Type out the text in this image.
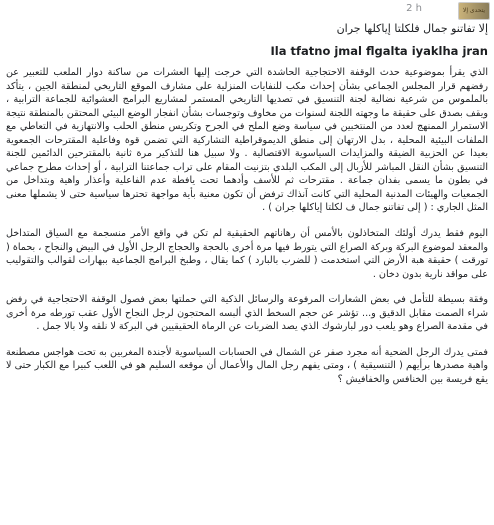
يتحدى إلا
2 h
إلا تفاتنو جمال فلكلتا إياكلها جران
Ila tfatno jmal flgalta iyaklha jran

الذي يقرأ بموضوعية حدث الوقفة الاحتجاجية الحاشدة التي خرجت إليها العشرات من ساكنة دوار الملعب للتعبير عن رفضهم قرار المجلس الجماعي بشأن إحداث مكب للنفايات المنزلية على مشارف الموقع التاريخي لمنطقة الجين ، يتأكد بالملموس من شرعية نضالية لجنة التنسيق في تصديها التاريخي المستمر لمشاريع البرامج العشوائية للجماعة الترابية ، ويقف بصدق على حقيقة ما وجهته اللجنة لسنوات من مخاوف وتوجسات بشأن انفجار الوضع البيئي المحتقن بالمنطقة نتيجة الاستمرار الممنهج لعدد من المنتخبين في سياسة وضع الملح في الجرح وتكريس منطق الحلب والانتهازية في التعاطي مع الملفات البيئية المحلية ، بدل الارتهان إلى منطق الديموقراطية التشاركية التي تضمن قوة وفاعلية المقترحات الجمعوية بعيدا عن الحزبية الضيقة والمزايدات السياسوية الاقتصالية . ولا سبيل هنا للتذكير مرة ثانية بالمقترحين الدائمين للجنة التنسيق بشأن النقل المباشر للأزبال إلى المكب البلدي بتزنيت المقام على تراب جماعتنا الترابية ، أو إحداث مطرح جماعي في بطون ما يسمى بفدان جماعة . مقترحات ثم للأسف وأدهما تحت يافطة عدم الفاعلية وأعذار واهية وبتداخل من الجمعيات والهيئات المدنية المحلية التي كانت آنذاك ترفض أن تكون معنية بأية مواجهة تحترها سياسية حتى لا يشملها معنى المثل الجاري : ( إلى تفاتنو جمال ف لكلتا إياكلها جران ) .

اليوم فقط يدرك أولئك المتخاذلون بالأمس أن رهاناتهم الحقيقية لم تكن في واقع الأمر منسجمة مع السياق المتداخل والمعقد لموضوع البركة وبركة الصراع التي يتورط فيها مرة أخرى بالحجة والحجاج الرجل الأول في البيض والنجاح ، بحماة ( تورقت ) حقيقة هبة الأرض التي استخدمت ( للضرب بالبارد ) كما يقال ، وطبخ البرامج الجماعية ببهارات لقوالب والتقوليب على مواقد نارية بدون دخان .

وفقة بسيطة للتأمل في بعض الشعارات المرفوعة والرسائل الذكية التي حملتها بعض فصول الوقفة الاحتجاجية في رفض شراء الصمت مقابل الدقيق و... تؤشر عن حجم السخط الذي ألبسه المحتجون لرجل النجاح الأول عقب تورطه مرة أخرى في مقدمة الصراع وهو يلعب دور لبارشوك الذي يصد الضربات عن الرماة الحقيقيين في البركة لا نلقه ولا بالا جمل .

فمتى يدرك الرجل الضحية أنه مجرد صفر عن الشمال في الحسابات السياسوية لأجندة المغربين به تحت هواجس مصطنعة واهية مصدرها برأيهم ( التنسيقية ) ، ومتى يفهم رجل المال والأعمال أن موقعه السليم هو في اللعب كبيرا مع الكبار حتى لا يقع فريسة بين الخنافس والخفافيش ؟
